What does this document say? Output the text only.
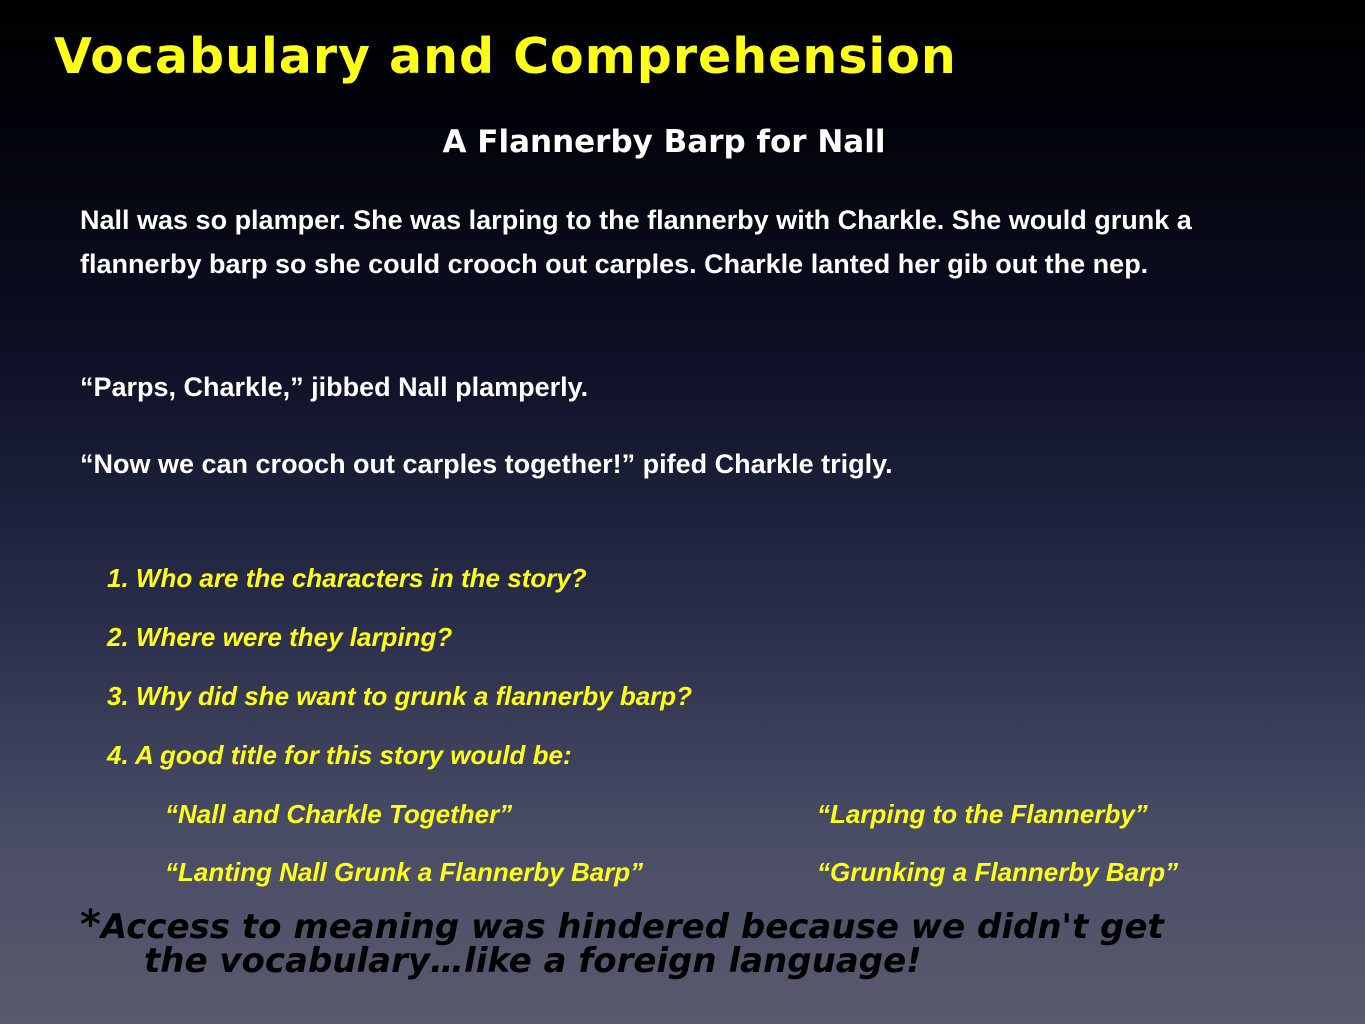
Vocabulary and Comprehension
A Flannerby Barp for Nall

Nall was so plamper. She was larping to the flannerby with Charkle. She would grunk a flannerby barp so she could crooch out carples. Charkle lanted her gib out the nep.

“Parps, Charkle,” jibbed Nall plamperly.

“Now we can crooch out carples together!” pifed Charkle trigly.

1. Who are the characters in the story?

2. Where were they larping?

3. Why did she want to grunk a flannerby barp?

4. A good title for this story would be:

“Nall and Charkle Together”	“Larping to the Flannerby”

“Lanting Nall Grunk a Flannerby Barp”	“Grunking a Flannerby Barp”

*Access to meaning was hindered because we didn't get
the vocabulary…like a foreign language!
